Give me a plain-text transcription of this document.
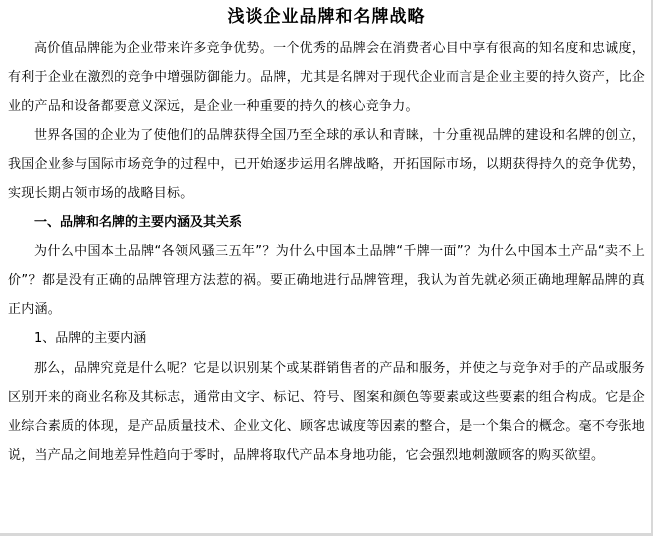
浅谈企业品牌和名牌战略

高价值品牌能为企业带来许多竞争优势。一个优秀的品牌会在消费者心目中享有很高的知名度和忠诚度，有利于企业在激烈的竞争中增强防御能力。品牌，尤其是名牌对于现代企业而言是企业主要的持久资产，比企业的产品和设备都要意义深远，是企业一种重要的持久的核心竞争力。

世界各国的企业为了使他们的品牌获得全国乃至全球的承认和青睐，十分重视品牌的建设和名牌的创立，我国企业参与国际市场竞争的过程中，已开始逐步运用名牌战略，开拓国际市场，以期获得持久的竞争优势，实现长期占领市场的战略目标。

一、品牌和名牌的主要内涵及其关系

为什么中国本土品牌“各领风骚三五年”？为什么中国本土品牌“千牌一面”？为什么中国本土产品“卖不上价”？都是没有正确的品牌管理方法惹的祸。要正确地进行品牌管理，我认为首先就必须正确地理解品牌的真正内涵。

1、品牌的主要内涵

那么，品牌究竟是什么呢？它是以识别某个或某群销售者的产品和服务，并使之与竞争对手的产品或服务区别开来的商业名称及其标志，通常由文字、标记、符号、图案和颜色等要素或这些要素的组合构成。它是企业综合素质的体现，是产品质量技术、企业文化、顾客忠诚度等因素的整合，是一个集合的概念。毫不夸张地说，当产品之间地差异性趋向于零时，品牌将取代产品本身地功能，它会强烈地刺激顾客的购买欲望。
